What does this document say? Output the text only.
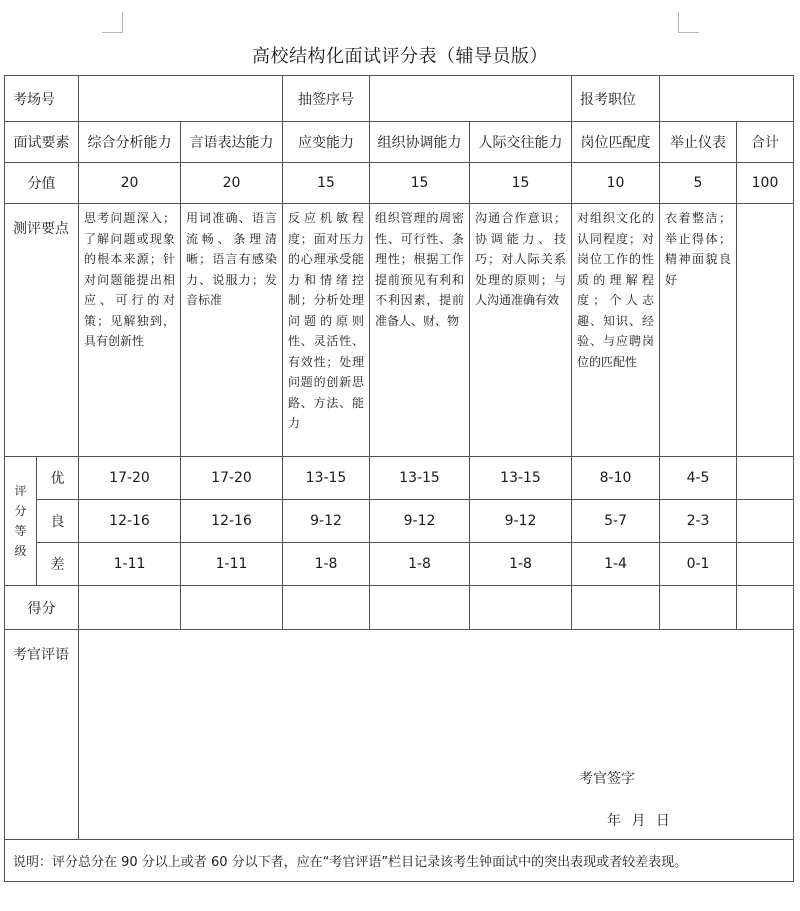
高校结构化面试评分表（辅导员版）
考场号				抽签序号			报考职位		
面试要素		综合分析能力	言语表达能力	应变能力	组织协调能力	人际交往能力	岗位匹配度	举止仪表	合计
分值		20	20	15	15	15	10	5	100
测评要点		思考问题深入；了解问题或现象的根本来源；针对问题能提出相应、可行的对策；见解独到，具有创新性	用词准确、语言流畅、条理清晰；语言有感染力、说服力；发音标准	反应机敏程度；面对压力的心理承受能力和情绪控制；分析处理问题的原则性、灵活性、有效性；处理问题的创新思路、方法、能力	组织管理的周密性、可行性、条理性；根据工作提前预见有利和不利因素，提前准备人、财、物	沟通合作意识；协调能力、技巧；对人际关系处理的原则；与人沟通准确有效	对组织文化的认同程度；对岗位工作的性质的理解程度；个人志趣、知识、经验、与应聘岗位的匹配性	衣着整洁；举止得体；精神面貌良好	
评
分
等
级	优	17-20	17-20	13-15	13-15	13-15	8-10	4-5	
	良	12-16	12-16	9-12	9-12	9-12	5-7	2-3	
	差	1-11	1-11	1-8	1-8	1-8	1-4	0-1	
得分									
考官评语		考官签字
年 月 日							

说明：评分总分在 90 分以上或者 60 分以下者，应在“考官评语”栏目记录该考生钟面试中的突出表现或者较差表现。									
